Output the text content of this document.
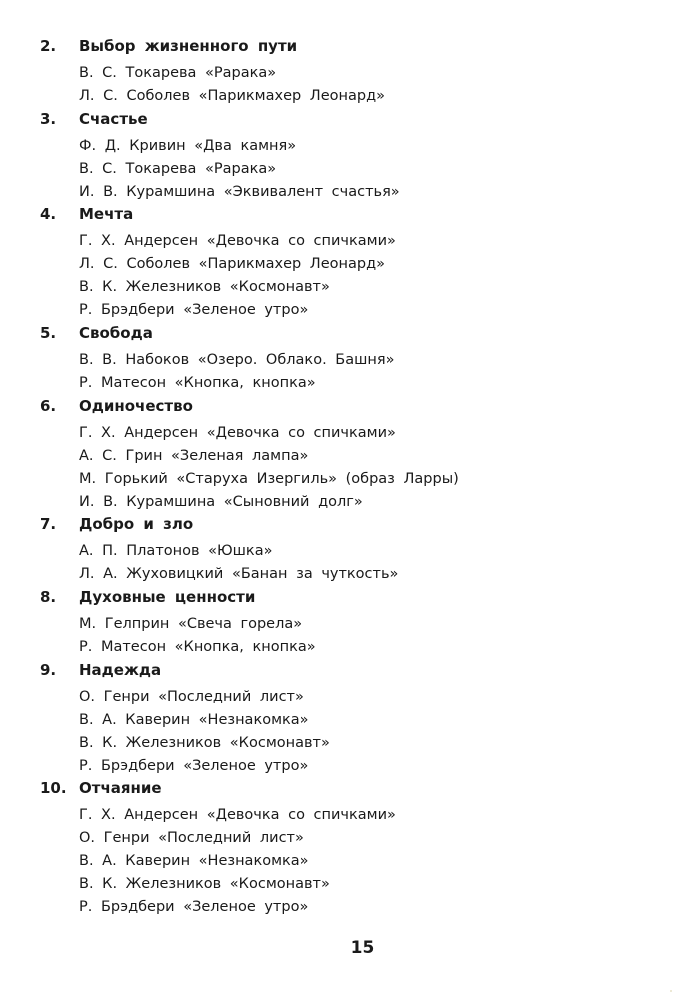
2. Выбор жизненного пути
В. С. Токарева «Рарака»
Л. С. Соболев «Парикмахер Леонард»
3. Счастье
Ф. Д. Кривин «Два камня»
В. С. Токарева «Рарака»
И. В. Курамшина «Эквивалент счастья»
4. Мечта
Г. Х. Андерсен «Девочка со спичками»
Л. С. Соболев «Парикмахер Леонард»
В. К. Железников «Космонавт»
Р. Брэдбери «Зеленое утро»
5. Свобода
В. В. Набоков «Озеро. Облако. Башня»
Р. Матесон «Кнопка, кнопка»
6. Одиночество
Г. Х. Андерсен «Девочка со спичками»
А. С. Грин «Зеленая лампа»
М. Горький «Старуха Изергиль» (образ Ларры)
И. В. Курамшина «Сыновний долг»
7. Добро и зло
А. П. Платонов «Юшка»
Л. А. Жуховицкий «Банан за чуткость»
8. Духовные ценности
М. Гелприн «Свеча горела»
Р. Матесон «Кнопка, кнопка»
9. Надежда
О. Генри «Последний лист»
В. А. Каверин «Незнакомка»
В. К. Железников «Космонавт»
Р. Брэдбери «Зеленое утро»
10. Отчаяние
Г. Х. Андерсен «Девочка со спичками»
О. Генри «Последний лист»
В. А. Каверин «Незнакомка»
В. К. Железников «Космонавт»
Р. Брэдбери «Зеленое утро»
15
